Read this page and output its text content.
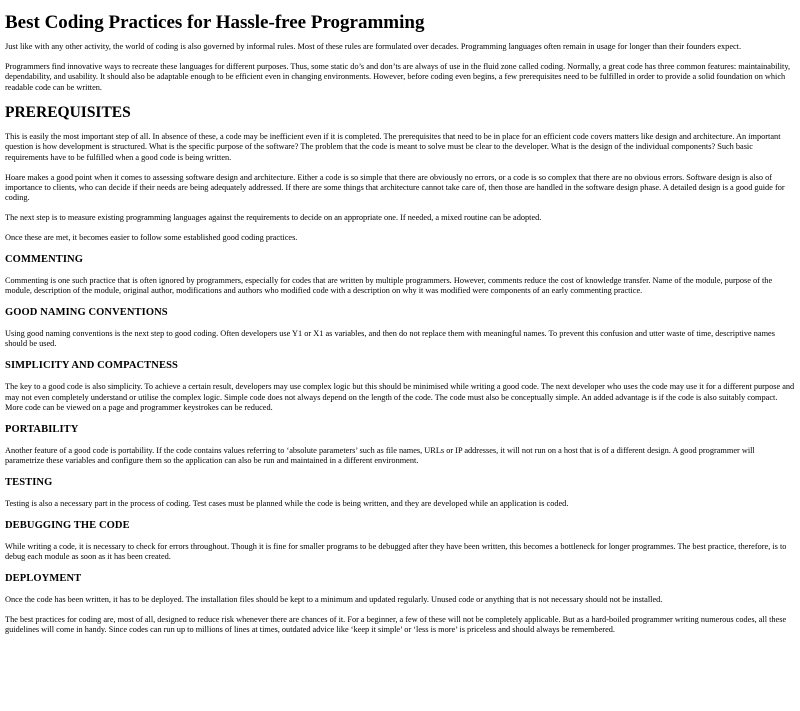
Best Coding Practices for Hassle-free Programming

Just like with any other activity, the world of coding is also governed by informal rules. Most of these rules are formulated over decades. Programming languages often remain in usage for longer than their founders expect.

Programmers find innovative ways to recreate these languages for different purposes. Thus, some static do’s and don’ts are always of use in the fluid zone called coding. Normally, a great code has three common features: maintainability, dependability, and usability. It should also be adaptable enough to be efficient even in changing environments. However, before coding even begins, a few prerequisites need to be fulfilled in order to provide a solid foundation on which readable code can be written.

PREREQUISITES

This is easily the most important step of all. In absence of these, a code may be inefficient even if it is completed. The prerequisites that need to be in place for an efficient code covers matters like design and architecture. An important question is how development is structured. What is the specific purpose of the software? The problem that the code is meant to solve must be clear to the developer. What is the design of the individual components? Such basic requirements have to be fulfilled when a good code is being written.

Hoare makes a good point when it comes to assessing software design and architecture. Either a code is so simple that there are obviously no errors, or a code is so complex that there are no obvious errors. Software design is also of importance to clients, who can decide if their needs are being adequately addressed. If there are some things that architecture cannot take care of, then those are handled in the software design phase. A detailed design is a good guide for coding.

The next step is to measure existing programming languages against the requirements to decide on an appropriate one. If needed, a mixed routine can be adopted.

Once these are met, it becomes easier to follow some established good coding practices.

COMMENTING

Commenting is one such practice that is often ignored by programmers, especially for codes that are written by multiple programmers. However, comments reduce the cost of knowledge transfer. Name of the module, purpose of the module, description of the module, original author, modifications and authors who modified code with a description on why it was modified were components of an early commenting practice.

GOOD NAMING CONVENTIONS

Using good naming conventions is the next step to good coding. Often developers use Y1 or X1 as variables, and then do not replace them with meaningful names. To prevent this confusion and utter waste of time, descriptive names should be used.

SIMPLICITY AND COMPACTNESS

The key to a good code is also simplicity. To achieve a certain result, developers may use complex logic but this should be minimised while writing a good code. The next developer who uses the code may use it for a different purpose and may not even completely understand or utilise the complex logic. Simple code does not always depend on the length of the code. The code must also be conceptually simple. An added advantage is if the code is also suitably compact. More code can be viewed on a page and programmer keystrokes can be reduced.

PORTABILITY

Another feature of a good code is portability. If the code contains values referring to ‘absolute parameters’ such as file names, URLs or IP addresses, it will not run on a host that is of a different design. A good programmer will parametrize these variables and configure them so the application can also be run and maintained in a different environment.

TESTING

Testing is also a necessary part in the process of coding. Test cases must be planned while the code is being written, and they are developed while an application is coded.

DEBUGGING THE CODE

While writing a code, it is necessary to check for errors throughout. Though it is fine for smaller programs to be debugged after they have been written, this becomes a bottleneck for longer programmes. The best practice, therefore, is to debug each module as soon as it has been created.

DEPLOYMENT

Once the code has been written, it has to be deployed. The installation files should be kept to a minimum and updated regularly. Unused code or anything that is not necessary should not be installed.

The best practices for coding are, most of all, designed to reduce risk whenever there are chances of it. For a beginner, a few of these will not be completely applicable. But as a hard-boiled programmer writing numerous codes, all these guidelines will come in handy. Since codes can run up to millions of lines at times, outdated advice like ‘keep it simple’ or ‘less is more’ is priceless and should always be remembered.
